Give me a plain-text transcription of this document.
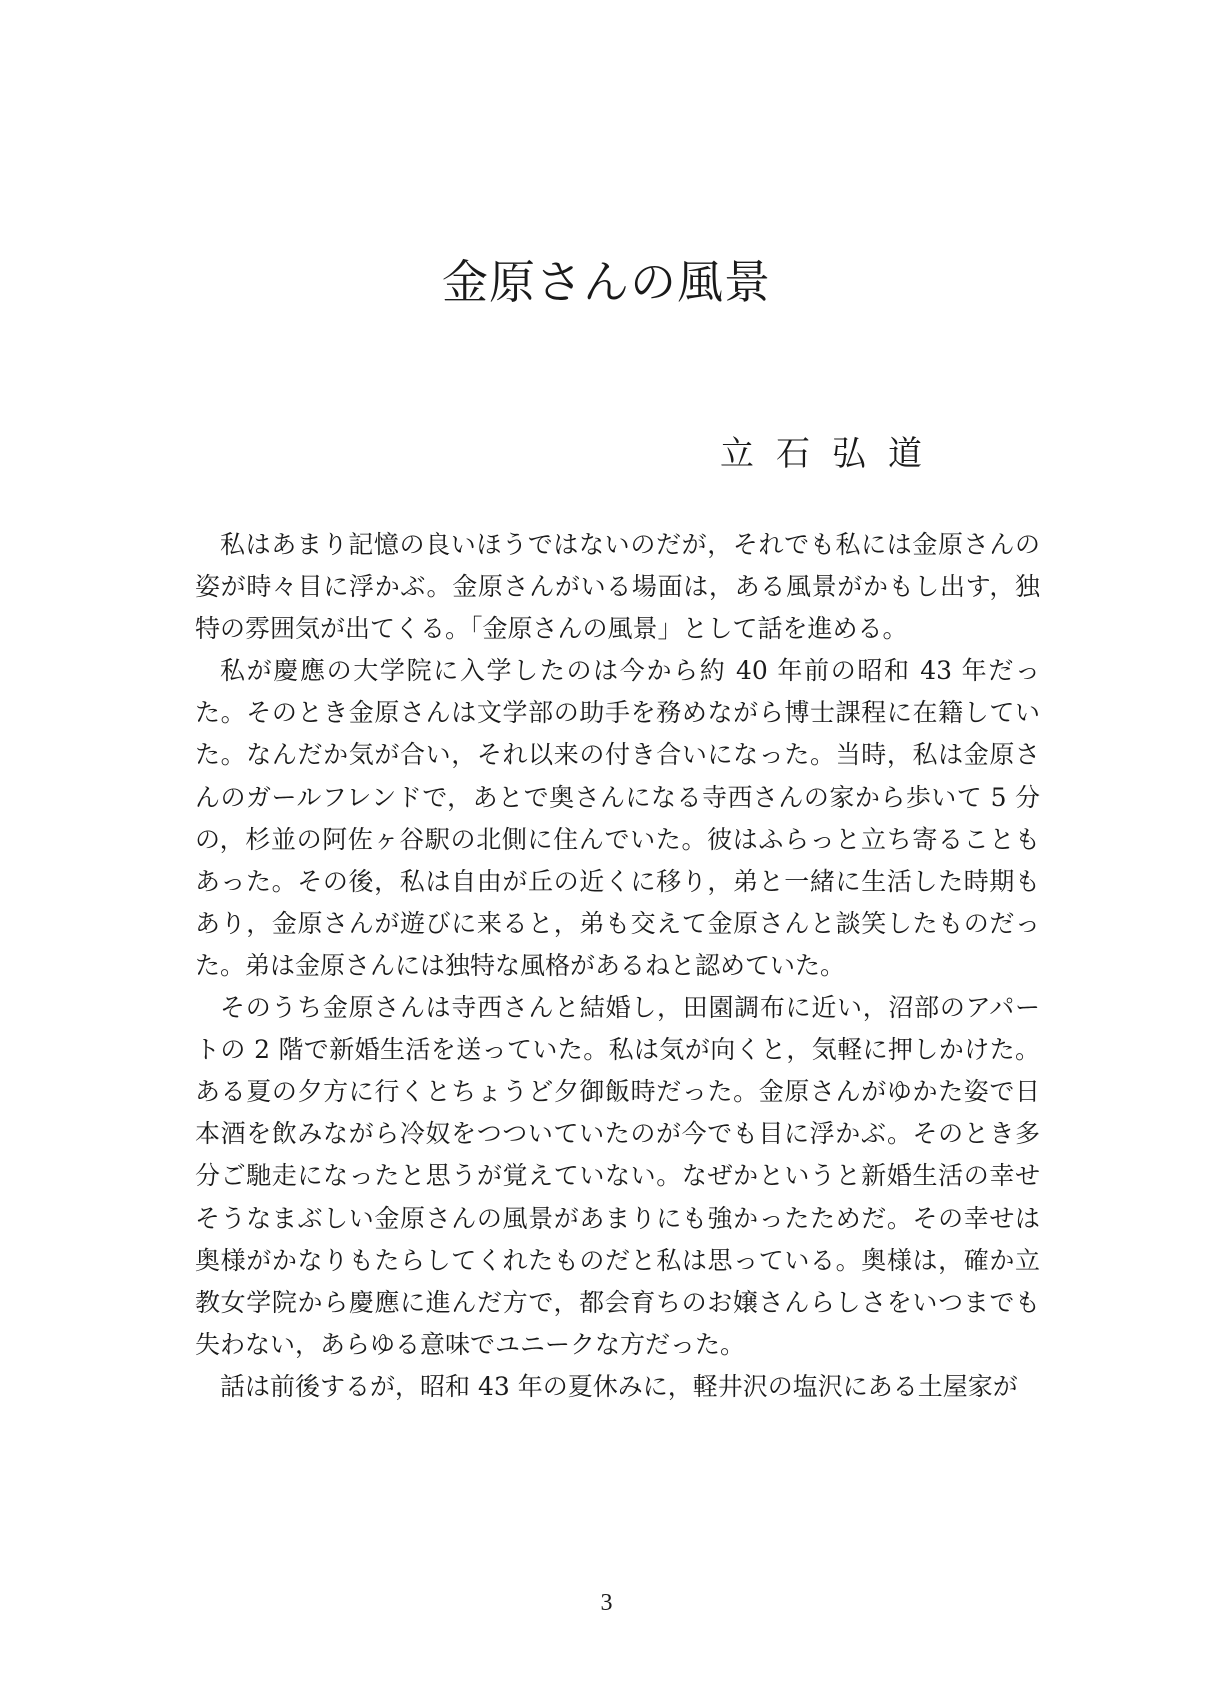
金原さんの風景
立石弘道

私はあまり記憶の良いほうではないのだが，それでも私には金原さんの姿が時々目に浮かぶ。金原さんがいる場面は，ある風景がかもし出す，独特の雰囲気が出てくる。「金原さんの風景」として話を進める。

私が慶應の大学院に入学したのは今から約 40 年前の昭和 43 年だった。そのとき金原さんは文学部の助手を務めながら博士課程に在籍していた。なんだか気が合い，それ以来の付き合いになった。当時，私は金原さんのガールフレンドで，あとで奥さんになる寺西さんの家から歩いて 5 分の，杉並の阿佐ヶ谷駅の北側に住んでいた。彼はふらっと立ち寄ることもあった。その後，私は自由が丘の近くに移り，弟と一緒に生活した時期もあり，金原さんが遊びに来ると，弟も交えて金原さんと談笑したものだった。弟は金原さんには独特な風格があるねと認めていた。

そのうち金原さんは寺西さんと結婚し，田園調布に近い，沼部のアパートの 2 階で新婚生活を送っていた。私は気が向くと，気軽に押しかけた。ある夏の夕方に行くとちょうど夕御飯時だった。金原さんがゆかた姿で日本酒を飲みながら冷奴をつついていたのが今でも目に浮かぶ。そのとき多分ご馳走になったと思うが覚えていない。なぜかというと新婚生活の幸せそうなまぶしい金原さんの風景があまりにも強かったためだ。その幸せは奥様がかなりもたらしてくれたものだと私は思っている。奥様は，確か立教女学院から慶應に進んだ方で，都会育ちのお嬢さんらしさをいつまでも失わない，あらゆる意味でユニークな方だった。

話は前後するが，昭和 43 年の夏休みに，軽井沢の塩沢にある土屋家が

3
